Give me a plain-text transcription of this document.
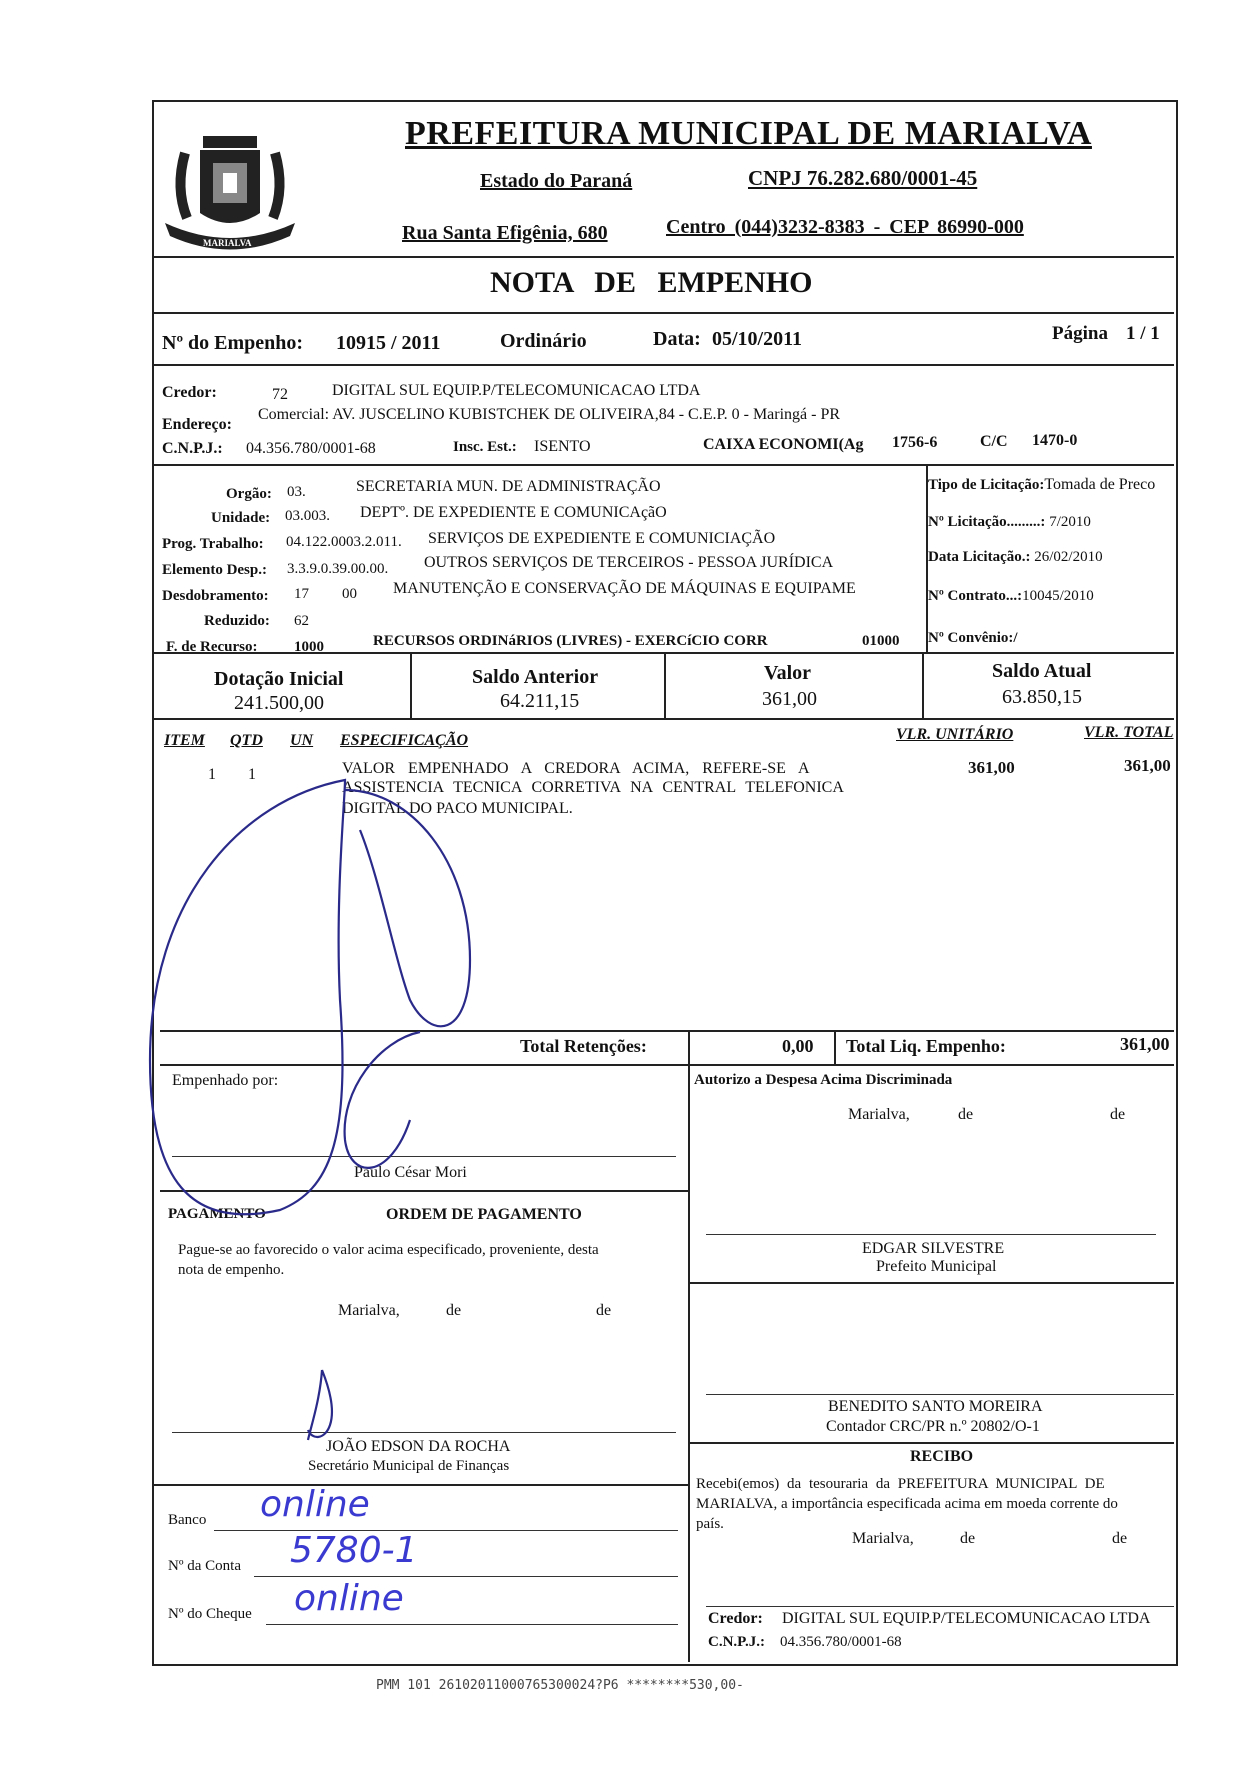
MARIALVA
PREFEITURA MUNICIPAL DE MARIALVA
Estado do Paraná	CNPJ 76.282.680/0001-45
Rua Santa Efigênia, 680	Centro (044)3232-8383 - CEP 86990-000
NOTA DE EMPENHO
Nº do Empenho: 10915 / 2011	Ordinário	Data: 05/10/2011	Página 1 / 1
Credor:	72	DIGITAL SUL EQUIP.P/TELECOMUNICACAO LTDA
Endereço:
Comercial: AV. JUSCELINO KUBISTCHEK DE OLIVEIRA,84 - C.E.P. 0 - Maringá - PR
C.N.P.J.: 04.356.780/0001-68	Insc. Est.: ISENTO	CAIXA ECONOMI(Ag 1756-6	C/C 1470-0
Orgão: 03.	SECRETARIA MUN. DE ADMINISTRAÇÃO
Unidade: 03.003. DEPTº. DE EXPEDIENTE E COMUNICAçãO
Prog. Trabalho: 04.122.0003.2.011. SERVIÇOS DE EXPEDIENTE E COMUNICIAÇÃO
Elemento Desp.: 3.3.9.0.39.00.00. OUTROS SERVIÇOS DE TERCEIROS - PESSOA JURÍDICA
Desdobramento: 17 00 MANUTENÇÃO E CONSERVAÇÃO DE MÁQUINAS E EQUIPAME
Reduzido: 62
F. de Recurso: 1000	RECURSOS ORDINáRIOS (LIVRES) - EXERCíCIO CORR	01000
Tipo de Licitação:Tomada de Preco
Nº Licitação.........: 7/2010
Data Licitação.: 26/02/2010
Nº Contrato...:10045/2010
Nº Convênio:/
Dotação Inicial
241.500,00
Saldo Anterior
64.211,15
Valor
361,00
Saldo Atual
63.850,15
ITEM QTD UN ESPECIFICAÇÃO	VLR. UNITÁRIO	VLR. TOTAL
1 1	VALOR EMPENHADO A CREDORA ACIMA, REFERE-SE A
ASSISTENCIA TECNICA CORRETIVA NA CENTRAL TELEFONICA
DIGITAL DO PACO MUNICIPAL.
361,00	361,00
Total Retenções:	0,00 Total Liq. Empenho:	361,00
Empenhado por:
Paulo César Mori
Autorizo a Despesa Acima Discriminada
Marialva,	de	de
EDGAR SILVESTRE
Prefeito Municipal
PAGAMENTO	ORDEM DE PAGAMENTO
Pague-se ao favorecido o valor acima especificado, proveniente, desta
nota de empenho.
Marialva,	de	de
JOÃO EDSON DA ROCHA
Secretário Municipal de Finanças
BENEDITO SANTO MOREIRA
Contador CRC/PR n.º 20802/O-1
RECIBO
Recebi(emos) da tesouraria da PREFEITURA MUNICIPAL DE
MARIALVA, a importância especificada acima em moeda corrente do
país.
Marialva,	de	de
Credor: DIGITAL SUL EQUIP.P/TELECOMUNICACAO LTDA
C.N.P.J.: 04.356.780/0001-68
Banco online
Nº da Conta 5780-1
Nº do Cheque online
PMM 101 26102011000765300024?P6 ********530,00-
